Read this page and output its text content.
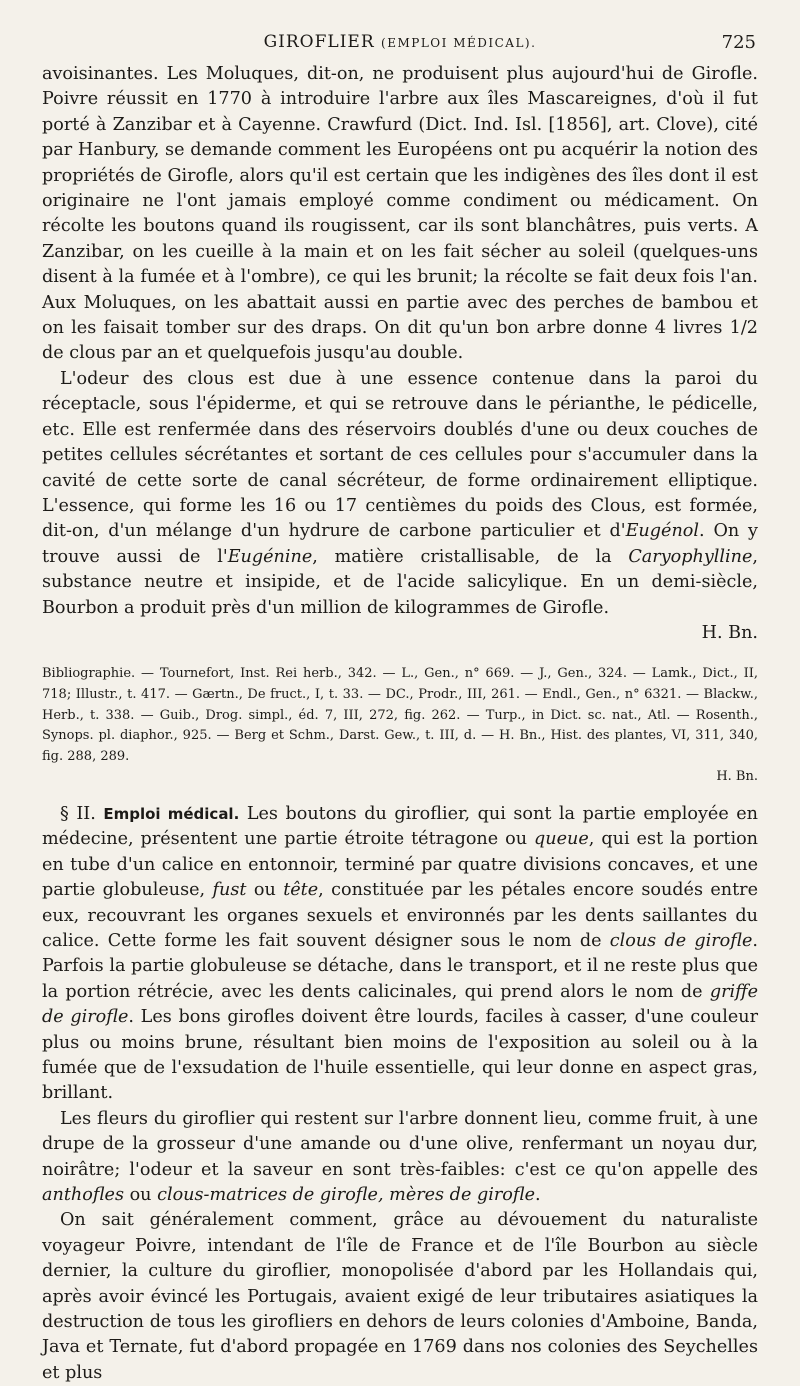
GIROFLIER (EMPLOI MÉDICAL).	725

avoisinantes. Les Moluques, dit-on, ne produisent plus aujourd'hui de Girofle. Poivre réussit en 1770 à introduire l'arbre aux îles Mascareignes, d'où il fut porté à Zanzibar et à Cayenne. Crawfurd (Dict. Ind. Isl. [1856], art. Clove), cité par Hanbury, se demande comment les Européens ont pu acquérir la notion des propriétés de Girofle, alors qu'il est certain que les indigènes des îles dont il est originaire ne l'ont jamais employé comme condiment ou médicament. On récolte les boutons quand ils rougissent, car ils sont blanchâtres, puis verts. A Zanzibar, on les cueille à la main et on les fait sécher au soleil (quelques-uns disent à la fumée et à l'ombre), ce qui les brunit; la récolte se fait deux fois l'an. Aux Moluques, on les abattait aussi en partie avec des perches de bambou et on les faisait tomber sur des draps. On dit qu'un bon arbre donne 4 livres 1/2 de clous par an et quelquefois jusqu'au double.

L'odeur des clous est due à une essence contenue dans la paroi du réceptacle, sous l'épiderme, et qui se retrouve dans le périanthe, le pédicelle, etc. Elle est renfermée dans des réservoirs doublés d'une ou deux couches de petites cellules sécrétantes et sortant de ces cellules pour s'accumuler dans la cavité de cette sorte de canal sécréteur, de forme ordinairement elliptique. L'essence, qui forme les 16 ou 17 centièmes du poids des Clous, est formée, dit-on, d'un mélange d'un hydrure de carbone particulier et d'Eugénol. On y trouve aussi de l'Eugénine, matière cristallisable, de la Caryophylline, substance neutre et insipide, et de l'acide salicylique. En un demi-siècle, Bourbon a produit près d'un million de kilogrammes de Girofle.
H. Bn.

Bibliographie. — Tournefort, Inst. Rei herb., 342. — L., Gen., n° 669. — J., Gen., 324. — Lamk., Dict., II, 718; Illustr., t. 417. — Gærtn., De fruct., I, t. 33. — DC., Prodr., III, 261. — Endl., Gen., n° 6321. — Blackw., Herb., t. 338. — Guib., Drog. simpl., éd. 7, III, 272, fig. 262. — Turp., in Dict. sc. nat., Atl. — Rosenth., Synops. pl. diaphor., 925. — Berg et Schm., Darst. Gew., t. III, d. — H. Bn., Hist. des plantes, VI, 311, 340, fig. 288, 289.
H. Bn.

§ II. Emploi médical. Les boutons du giroflier, qui sont la partie employée en médecine, présentent une partie étroite tétragone ou queue, qui est la portion en tube d'un calice en entonnoir, terminé par quatre divisions concaves, et une partie globuleuse, fust ou tête, constituée par les pétales encore soudés entre eux, recouvrant les organes sexuels et environnés par les dents saillantes du calice. Cette forme les fait souvent désigner sous le nom de clous de girofle. Parfois la partie globuleuse se détache, dans le transport, et il ne reste plus que la portion rétrécie, avec les dents calicinales, qui prend alors le nom de griffe de girofle. Les bons girofles doivent être lourds, faciles à casser, d'une couleur plus ou moins brune, résultant bien moins de l'exposition au soleil ou à la fumée que de l'exsudation de l'huile essentielle, qui leur donne en aspect gras, brillant.

Les fleurs du giroflier qui restent sur l'arbre donnent lieu, comme fruit, à une drupe de la grosseur d'une amande ou d'une olive, renfermant un noyau dur, noirâtre; l'odeur et la saveur en sont très-faibles: c'est ce qu'on appelle des anthofles ou clous-matrices de girofle, mères de girofle.

On sait généralement comment, grâce au dévouement du naturaliste voyageur Poivre, intendant de l'île de France et de l'île Bourbon au siècle dernier, la culture du giroflier, monopolisée d'abord par les Hollandais qui, après avoir évincé les Portugais, avaient exigé de leur tributaires asiatiques la destruction de tous les girofliers en dehors de leurs colonies d'Amboine, Banda, Java et Ternate, fut d'abord propagée en 1769 dans nos colonies des Seychelles et plus
